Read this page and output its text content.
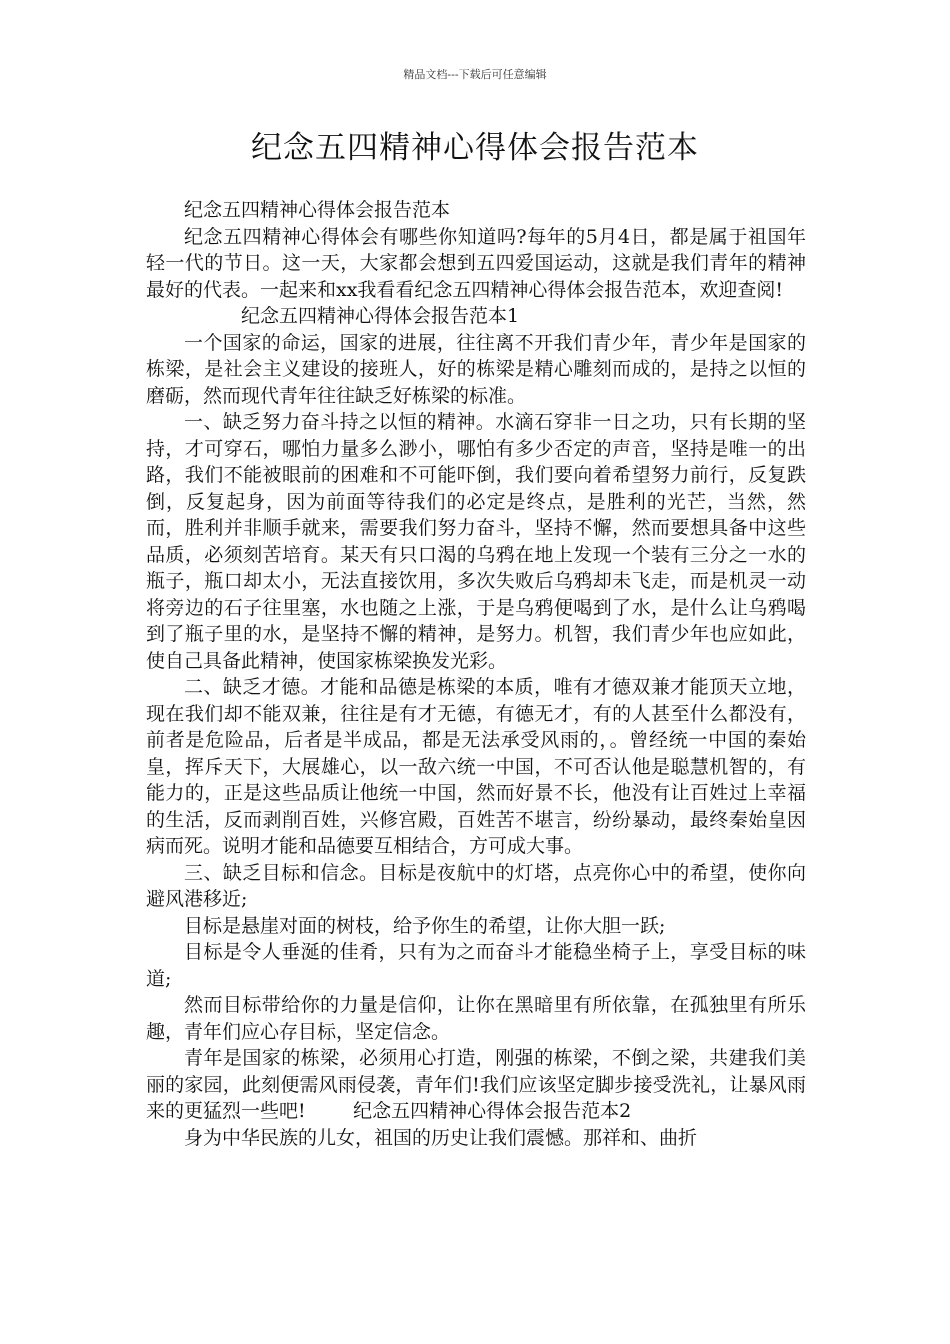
精品文档---下载后可任意编辑
纪念五四精神心得体会报告范本

纪念五四精神心得体会报告范本

纪念五四精神心得体会有哪些你知道吗?每年的5月4日，都是属于祖国年轻一代的节日。这一天，大家都会想到五四爱国运动，这就是我们青年的精神最好的代表。一起来和xx我看看纪念五四精神心得体会报告范本，欢迎查阅!

纪念五四精神心得体会报告范本1

一个国家的命运，国家的进展，往往离不开我们青少年，青少年是国家的栋梁，是社会主义建设的接班人，好的栋梁是精心雕刻而成的，是持之以恒的磨砺，然而现代青年往往缺乏好栋梁的标准。

一、缺乏努力奋斗持之以恒的精神。水滴石穿非一日之功，只有长期的坚持，才可穿石，哪怕力量多么渺小，哪怕有多少否定的声音，坚持是唯一的出路，我们不能被眼前的困难和不可能吓倒，我们要向着希望努力前行，反复跌倒，反复起身，因为前面等待我们的必定是终点，是胜利的光芒，当然，然而，胜利并非顺手就来，需要我们努力奋斗，坚持不懈，然而要想具备中这些品质，必须刻苦培育。某天有只口渴的乌鸦在地上发现一个装有三分之一水的瓶子，瓶口却太小，无法直接饮用，多次失败后乌鸦却未飞走，而是机灵一动将旁边的石子往里塞，水也随之上涨，于是乌鸦便喝到了水，是什么让乌鸦喝到了瓶子里的水，是坚持不懈的精神，是努力。机智，我们青少年也应如此，使自己具备此精神，使国家栋梁换发光彩。

二、缺乏才德。才能和品德是栋梁的本质，唯有才德双兼才能顶天立地，现在我们却不能双兼，往往是有才无德，有德无才，有的人甚至什么都没有，前者是危险品，后者是半成品，都是无法承受风雨的，。曾经统一中国的秦始皇，挥斥天下，大展雄心，以一敌六统一中国，不可否认他是聪慧机智的，有能力的，正是这些品质让他统一中国，然而好景不长，他没有让百姓过上幸福的生活，反而剥削百姓，兴修宫殿，百姓苦不堪言，纷纷暴动，最终秦始皇因病而死。说明才能和品德要互相结合，方可成大事。

三、缺乏目标和信念。目标是夜航中的灯塔，点亮你心中的希望，使你向避风港移近;

目标是悬崖对面的树枝，给予你生的希望，让你大胆一跃;

目标是令人垂涎的佳肴，只有为之而奋斗才能稳坐椅子上，享受目标的味道;

然而目标带给你的力量是信仰，让你在黑暗里有所依靠，在孤独里有所乐趣，青年们应心存目标，坚定信念。

青年是国家的栋梁，必须用心打造，刚强的栋梁，不倒之梁，共建我们美丽的家园，此刻便需风雨侵袭，青年们!我们应该坚定脚步接受洗礼，让暴风雨来的更猛烈一些吧!	纪念五四精神心得体会报告范本2

身为中华民族的儿女，祖国的历史让我们震憾。那祥和、曲折
